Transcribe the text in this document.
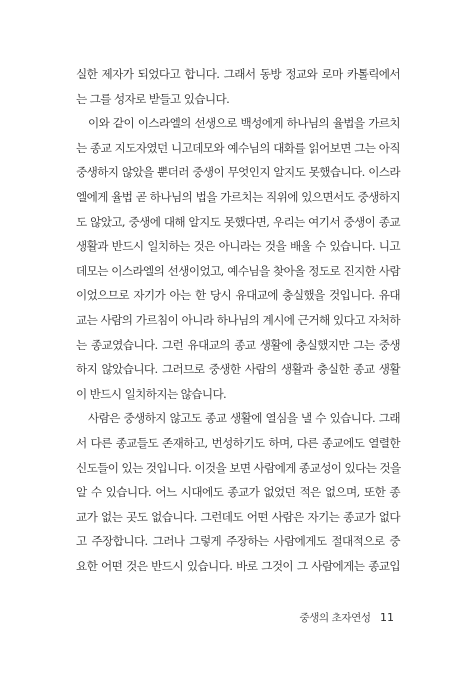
실한 제자가 되었다고 합니다. 그래서 동방 정교와 로마 카톨릭에서
는 그를 성자로 받들고 있습니다.
이와 같이 이스라엘의 선생으로 백성에게 하나님의 율법을 가르치
는 종교 지도자였던 니고데모와 예수님의 대화를 읽어보면 그는 아직
중생하지 않았을 뿐더러 중생이 무엇인지 알지도 못했습니다. 이스라
엘에게 율법 곧 하나님의 법을 가르치는 직위에 있으면서도 중생하지
도 않았고, 중생에 대해 알지도 못했다면, 우리는 여기서 중생이 종교
생활과 반드시 일치하는 것은 아니라는 것을 배울 수 있습니다. 니고
데모는 이스라엘의 선생이었고, 예수님을 찾아올 정도로 진지한 사람
이었으므로 자기가 아는 한 당시 유대교에 충실했을 것입니다. 유대
교는 사람의 가르침이 아니라 하나님의 계시에 근거해 있다고 자처하
는 종교였습니다. 그런 유대교의 종교 생활에 충실했지만 그는 중생
하지 않았습니다. 그러므로 중생한 사람의 생활과 충실한 종교 생활
이 반드시 일치하지는 않습니다.
사람은 중생하지 않고도 종교 생활에 열심을 낼 수 있습니다. 그래
서 다른 종교들도 존재하고, 번성하기도 하며, 다른 종교에도 열렬한
신도들이 있는 것입니다. 이것을 보면 사람에게 종교성이 있다는 것을
알 수 있습니다. 어느 시대에도 종교가 없었던 적은 없으며, 또한 종
교가 없는 곳도 없습니다. 그런데도 어떤 사람은 자기는 종교가 없다
고 주장합니다. 그러나 그렇게 주장하는 사람에게도 절대적으로 중
요한 어떤 것은 반드시 있습니다. 바로 그것이 그 사람에게는 종교입
중생의 초자연성 11
